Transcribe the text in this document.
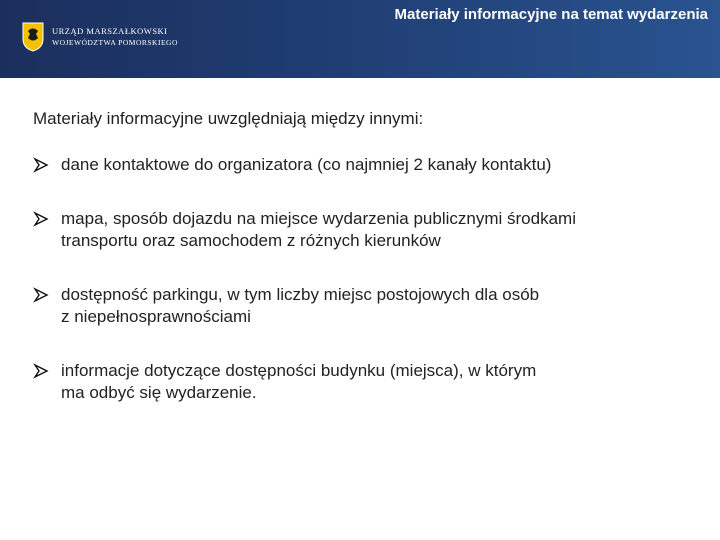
URZĄD MARSZAŁKOWSKI
WOJEWÓDZTWA POMORSKIEGO
Materiały informacyjne na temat wydarzenia

Materiały informacyjne uwzględniają między innymi:

dane kontaktowe do organizatora (co najmniej 2 kanały kontaktu)
mapa, sposób dojazdu na miejsce wydarzenia publicznymi środkami
transportu oraz samochodem z różnych kierunków
dostępność parkingu, w tym liczby miejsc postojowych dla osób
z niepełnosprawnościami
informacje dotyczące dostępności budynku (miejsca), w którym
ma odbyć się wydarzenie.
